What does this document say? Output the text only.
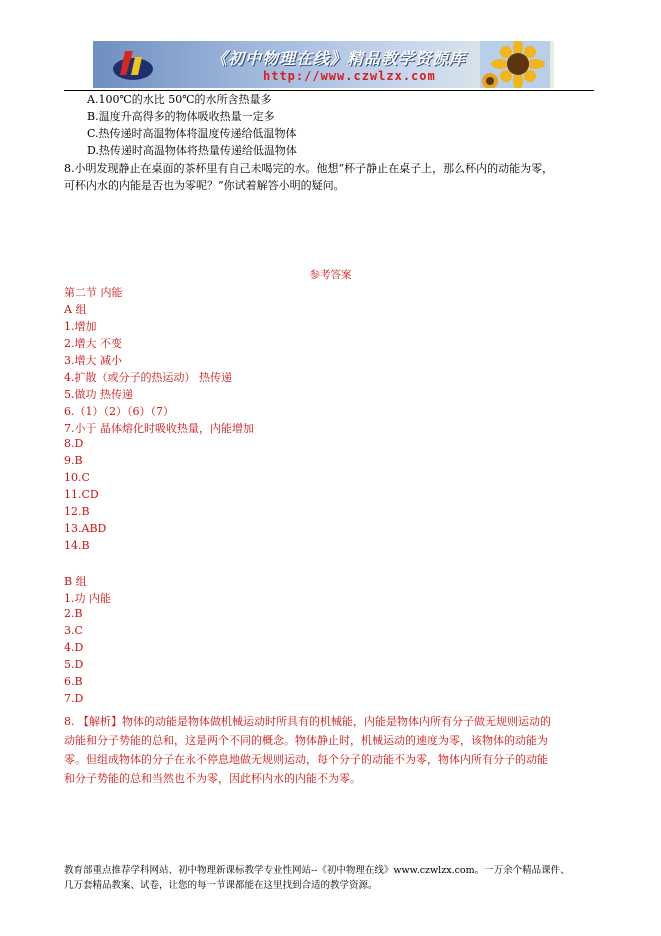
《初中物理在线》精品教学资源库
http://www.czwlzx.com
A.100℃的水比 50℃的水所含热量多
B.温度升高得多的物体吸收热量一定多
C.热传递时高温物体将温度传递给低温物体
D.热传递时高温物体将热量传递给低温物体
8.小明发现静止在桌面的茶杯里有自己未喝完的水。他想“杯子静止在桌子上，那么杯内的动能为零，
可杯内水的内能是否也为零呢？”你试着解答小明的疑问。
参考答案
第二节 内能
A 组
1.增加
2.增大 不变
3.增大 减小
4.扩散（或分子的热运动） 热传递
5.做功 热传递
6.（1）（2）（6）（7）
7.小于 晶体熔化时吸收热量，内能增加
8.D
9.B
10.C
11.CD
12.B
13.ABD
14.B
B 组
1.功 内能
2.B
3.C
4.D
5.D
6.B
7.D
8. 【解析】物体的动能是物体做机械运动时所具有的机械能，内能是物体内所有分子做无规则运动的
动能和分子势能的总和，这是两个不同的概念。物体静止时，机械运动的速度为零，该物体的动能为
零。但组成物体的分子在永不停息地做无规则运动，每个分子的动能不为零，物体内所有分子的动能
和分子势能的总和当然也不为零，因此杯内水的内能不为零。
教育部重点推荐学科网站、初中物理新课标教学专业性网站--《初中物理在线》www.czwlzx.com。一万余个精品课件、
几万套精品教案、试卷，让您的每一节课都能在这里找到合适的教学资源。
